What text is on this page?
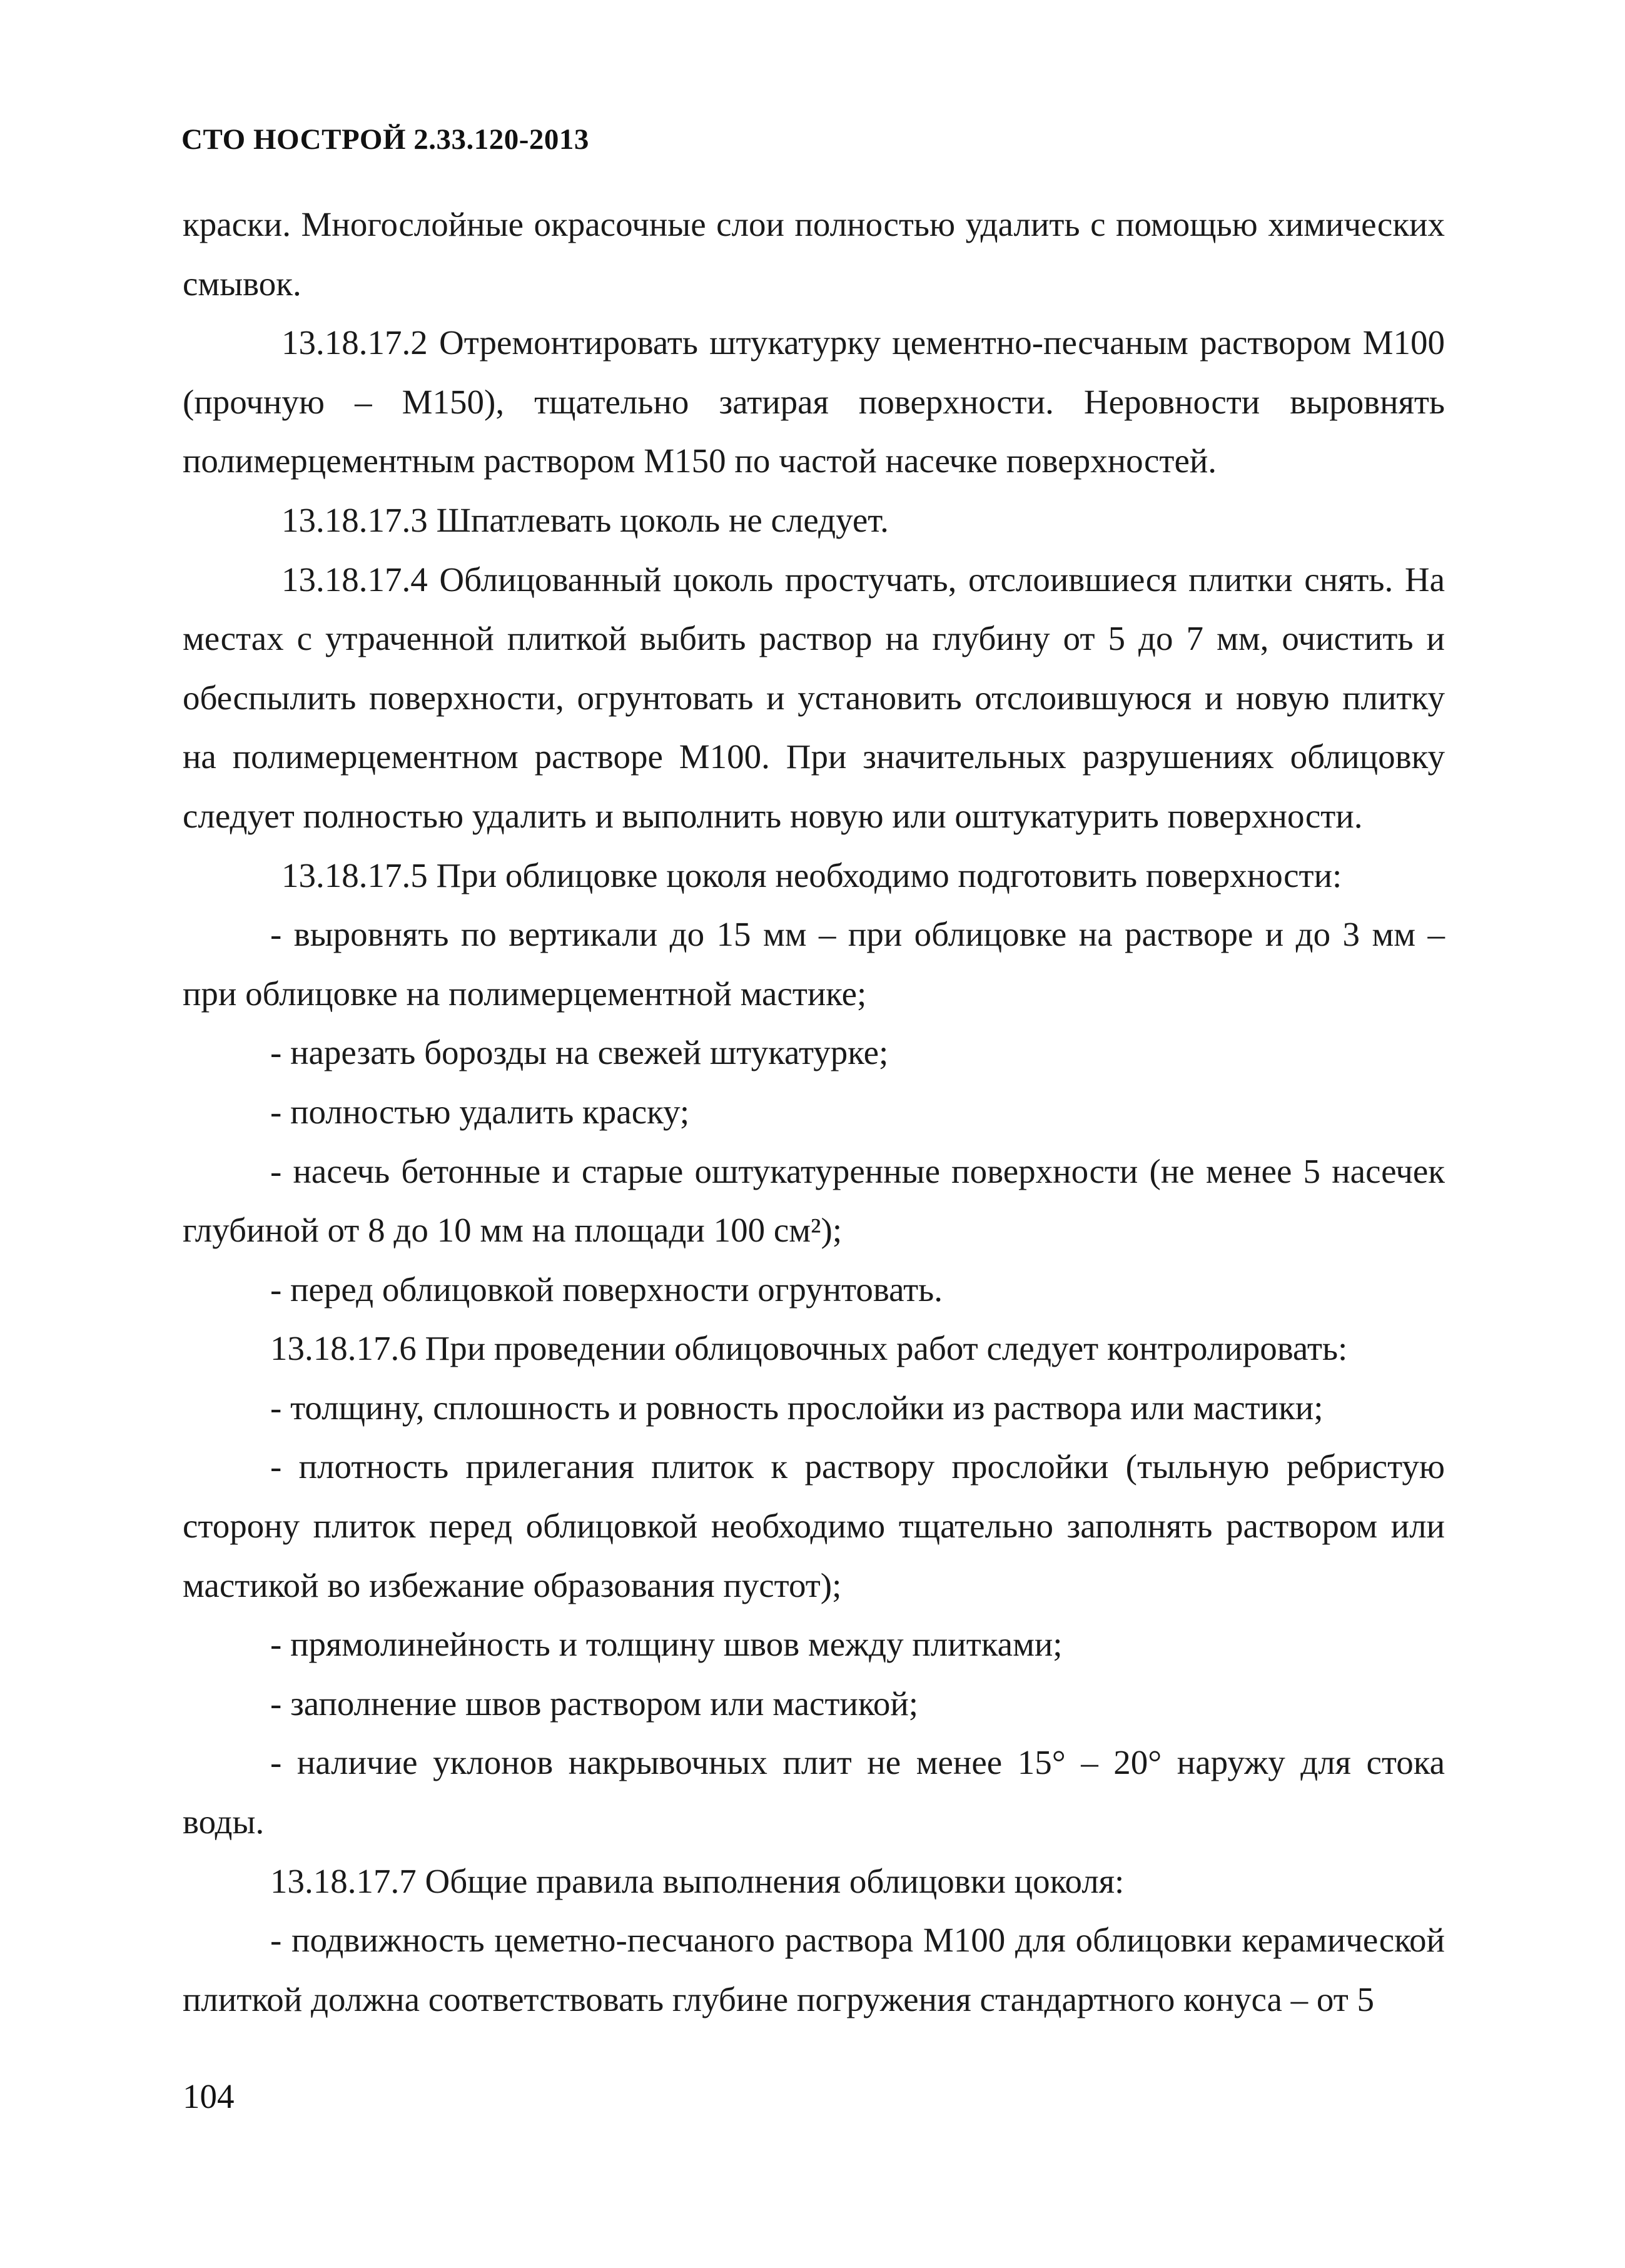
СТО НОСТРОЙ 2.33.120-2013

краски. Многослойные окрасочные слои полностью удалить с помощью химических смывок.

13.18.17.2 Отремонтировать штукатурку цементно-песчаным раствором М100 (прочную – М150), тщательно затирая поверхности. Неровности выровнять полимерцементным раствором М150 по частой насечке поверхностей.

13.18.17.3 Шпатлевать цоколь не следует.

13.18.17.4 Облицованный цоколь простучать, отслоившиеся плитки снять. На местах с утраченной плиткой выбить раствор на глубину от 5 до 7 мм, очистить и обеспылить поверхности, огрунтовать и установить отслоившуюся и новую плитку на полимерцементном растворе М100. При значительных разрушениях облицовку следует полностью удалить и выполнить новую или оштукатурить поверхности.

13.18.17.5 При облицовке цоколя необходимо подготовить поверхности:

- выровнять по вертикали до 15 мм – при облицовке на растворе и до 3 мм – при облицовке на полимерцементной мастике;

- нарезать борозды на свежей штукатурке;

- полностью удалить краску;

- насечь бетонные и старые оштукатуренные поверхности (не менее 5 насечек глубиной от 8 до 10 мм на площади 100 см²);

- перед облицовкой поверхности огрунтовать.

13.18.17.6 При проведении облицовочных работ следует контролировать:

- толщину, сплошность и ровность прослойки из раствора или мастики;

- плотность прилегания плиток к раствору прослойки (тыльную ребристую сторону плиток перед облицовкой необходимо тщательно заполнять раствором или мастикой во избежание образования пустот);

- прямолинейность и толщину швов между плитками;

- заполнение швов раствором или мастикой;

- наличие уклонов накрывочных плит не менее 15° – 20° наружу для стока воды.

13.18.17.7 Общие правила выполнения облицовки цоколя:

- подвижность цеметно-песчаного раствора М100 для облицовки керамической плиткой должна соответствовать глубине погружения стандартного конуса – от 5

104
